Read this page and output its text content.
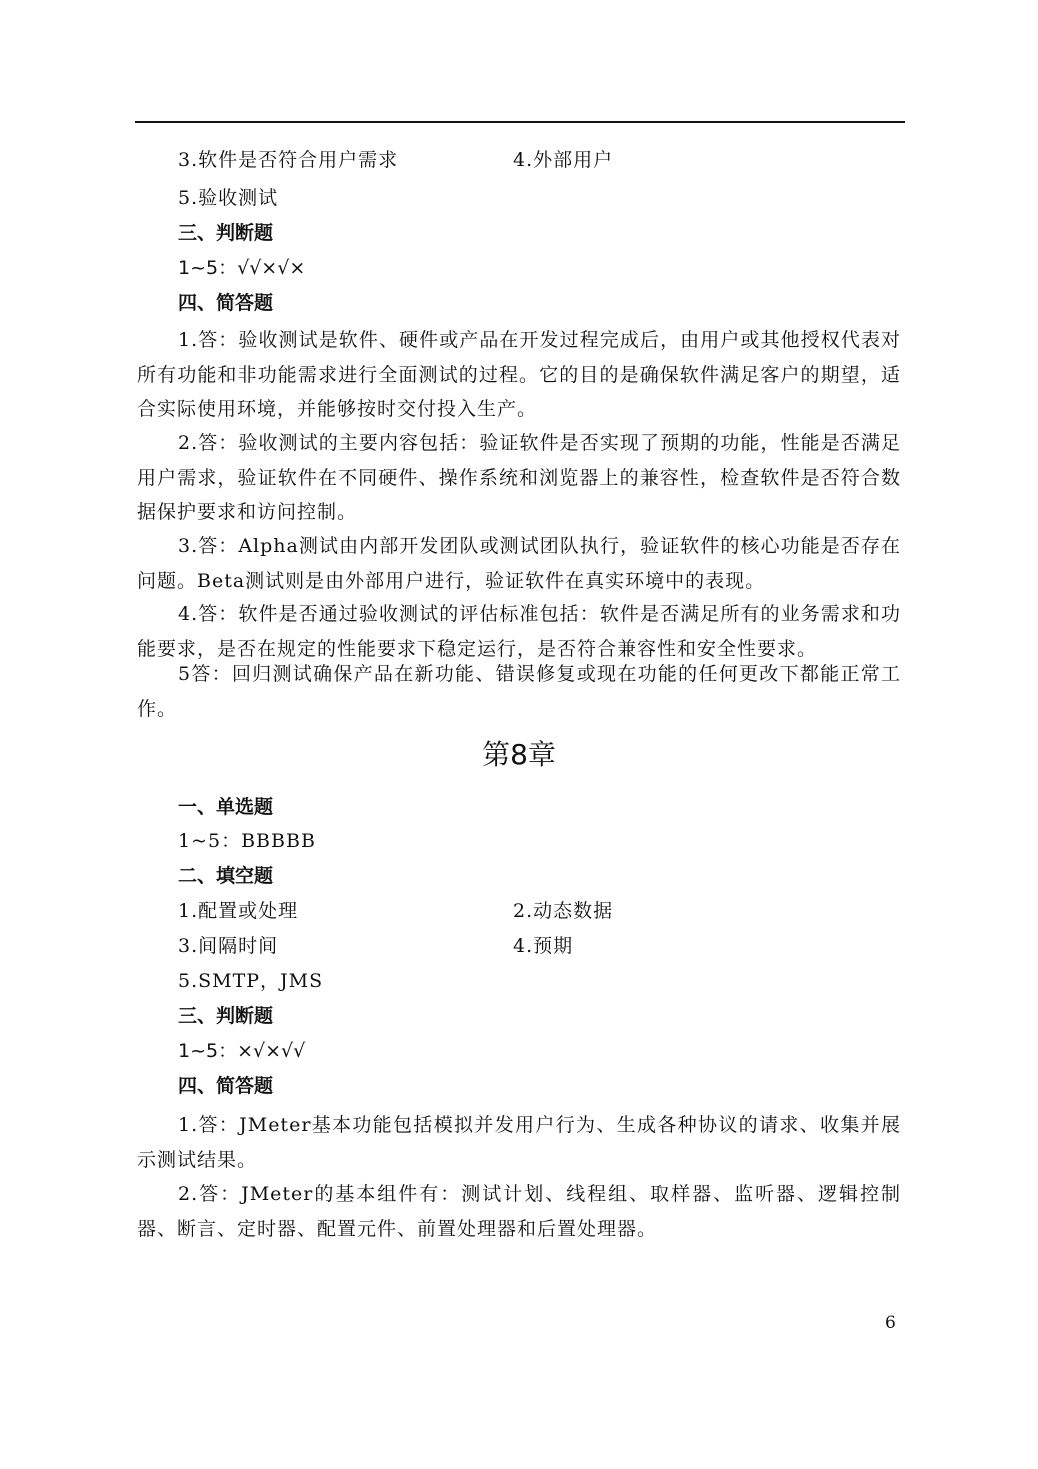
3.软件是否符合用户需求	4.外部用户
5.验收测试
三、判断题
1~5：√√×√×
四、简答题

1.答：验收测试是软件、硬件或产品在开发过程完成后，由用户或其他授权代表对所有功能和非功能需求进行全面测试的过程。它的目的是确保软件满足客户的期望，适合实际使用环境，并能够按时交付投入生产。

2.答：验收测试的主要内容包括：验证软件是否实现了预期的功能，性能是否满足用户需求，验证软件在不同硬件、操作系统和浏览器上的兼容性，检查软件是否符合数据保护要求和访问控制。

3.答：Alpha测试由内部开发团队或测试团队执行，验证软件的核心功能是否存在问题。Beta测试则是由外部用户进行，验证软件在真实环境中的表现。

4.答：软件是否通过验收测试的评估标准包括：软件是否满足所有的业务需求和功能要求，是否在规定的性能要求下稳定运行，是否符合兼容性和安全性要求。

5答：回归测试确保产品在新功能、错误修复或现在功能的任何更改下都能正常工作。

第8章
一、单选题
1~5：BBBBB
二、填空题
1.配置或处理	2.动态数据
3.间隔时间	4.预期
5.SMTP，JMS
三、判断题
1~5：×√×√√
四、简答题

1.答：JMeter基本功能包括模拟并发用户行为、生成各种协议的请求、收集并展示测试结果。

2.答：JMeter的基本组件有：测试计划、线程组、取样器、监听器、逻辑控制器、断言、定时器、配置元件、前置处理器和后置处理器。

6
